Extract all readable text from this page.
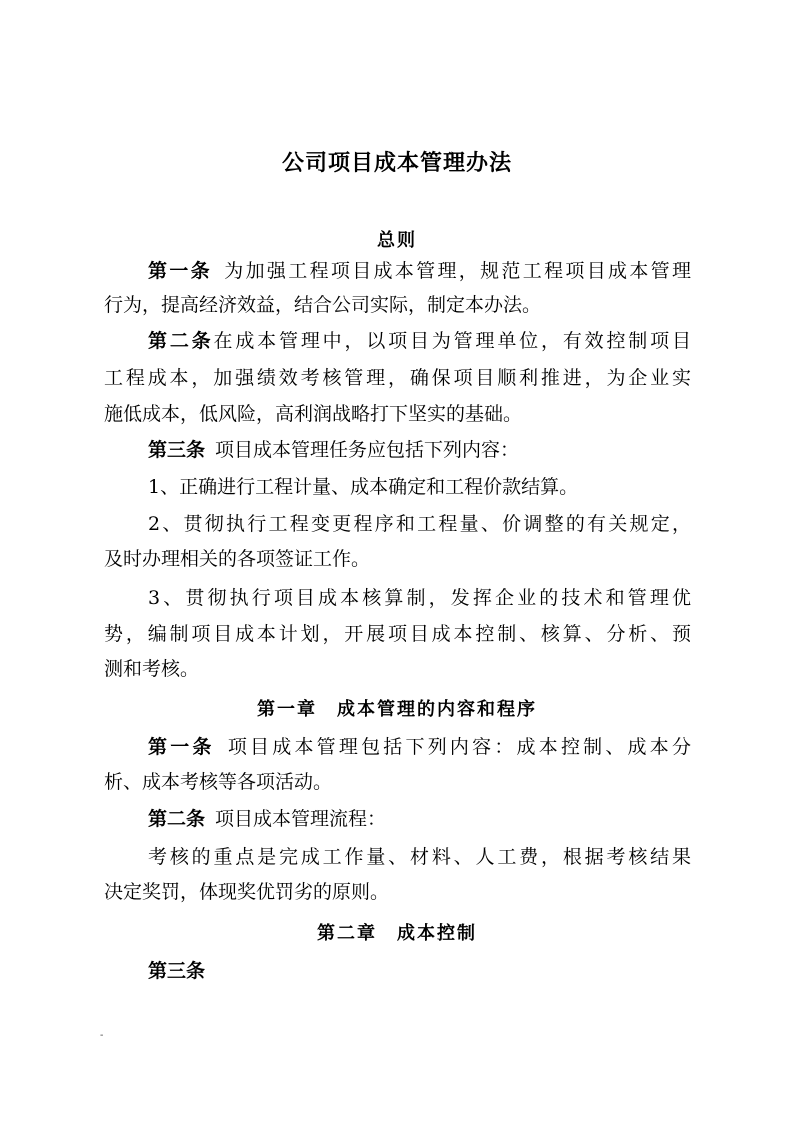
公司项目成本管理办法
总则
第一条 为加强工程项目成本管理，规范工程项目成本管理
行为，提高经济效益，结合公司实际，制定本办法。
第二条在成本管理中，以项目为管理单位，有效控制项目
工程成本，加强绩效考核管理，确保项目顺利推进，为企业实
施低成本，低风险，高利润战略打下坚实的基础。
第三条 项目成本管理任务应包括下列内容：
1、正确进行工程计量、成本确定和工程价款结算。
2、贯彻执行工程变更程序和工程量、价调整的有关规定，
及时办理相关的各项签证工作。
3、贯彻执行项目成本核算制，发挥企业的技术和管理优
势，编制项目成本计划，开展项目成本控制、核算、分析、预
测和考核。
第一章　成本管理的内容和程序
第一条 项目成本管理包括下列内容：成本控制、成本分
析、成本考核等各项活动。
第二条 项目成本管理流程：
考核的重点是完成工作量、材料、人工费，根据考核结果
决定奖罚，体现奖优罚劣的原则。
第二章　成本控制
第三条
-
